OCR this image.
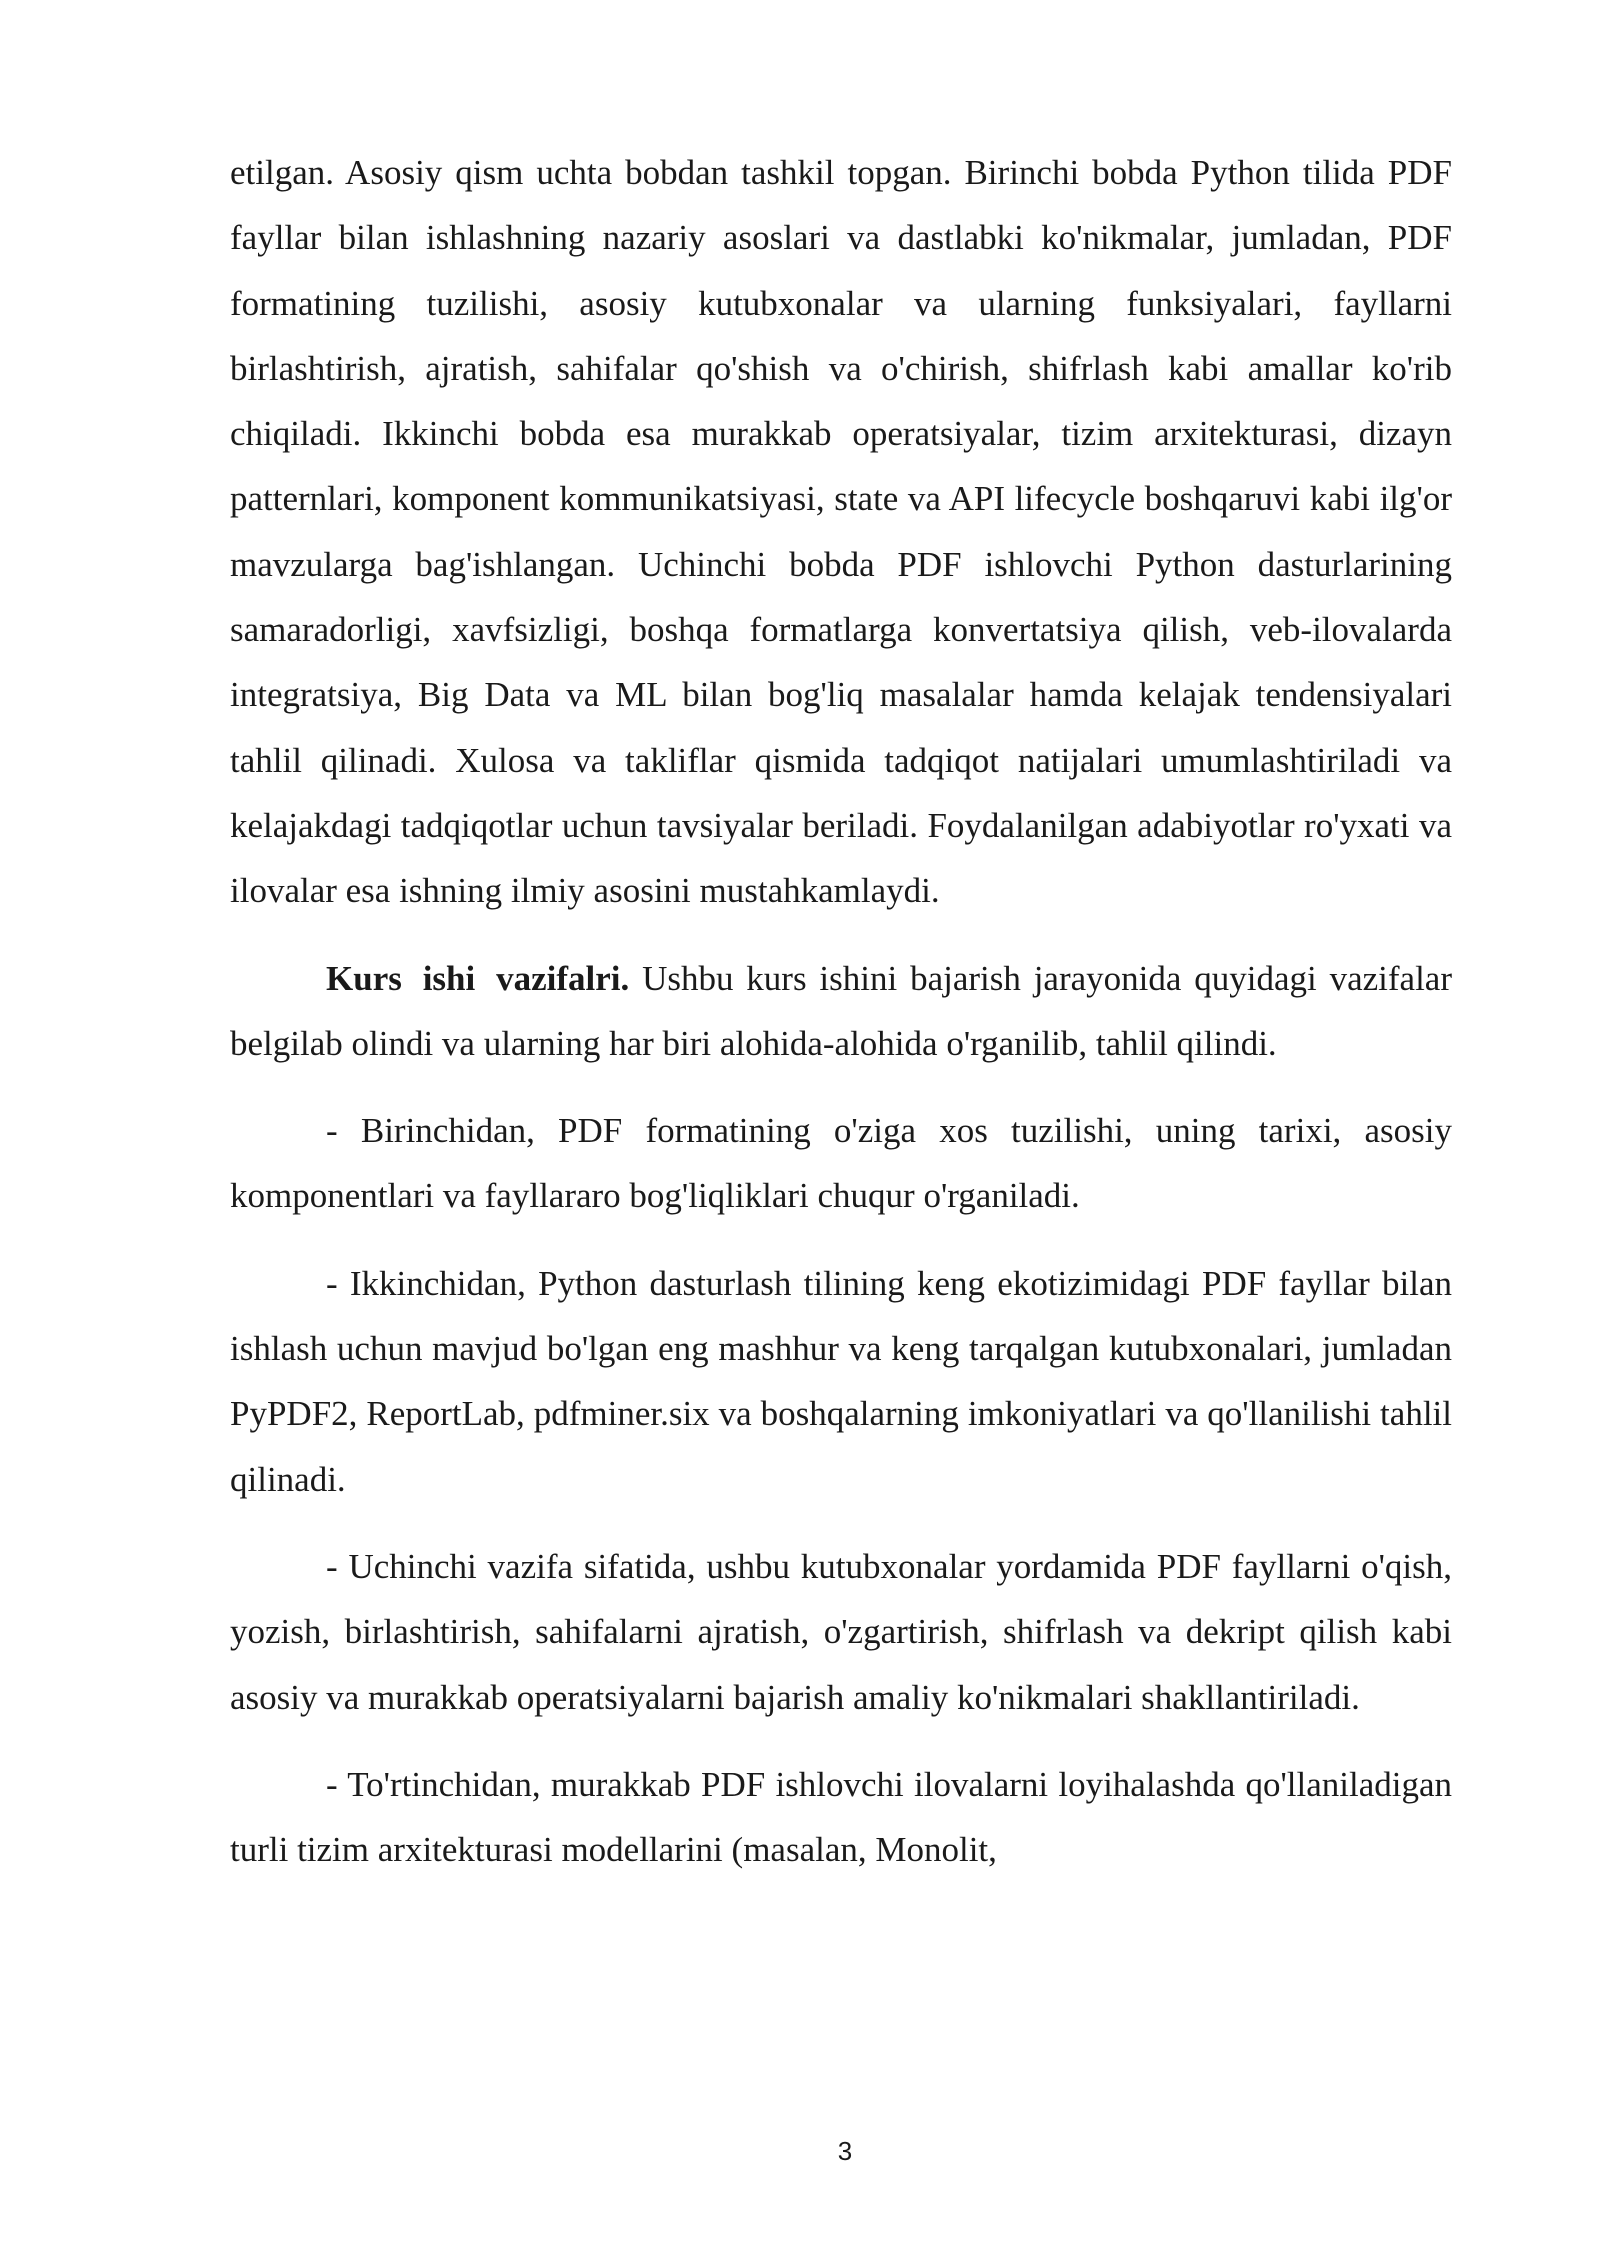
etilgan. Asosiy qism uchta bobdan tashkil topgan. Birinchi bobda Python tilida PDF fayllar bilan ishlashning nazariy asoslari va dastlabki ko'nikmalar, jumladan, PDF formatining tuzilishi, asosiy kutubxonalar va ularning funksiyalari, fayllarni birlashtirish, ajratish, sahifalar qo'shish va o'chirish, shifrlash kabi amallar ko'rib chiqiladi. Ikkinchi bobda esa murakkab operatsiyalar, tizim arxitekturasi, dizayn patternlari, komponent kommunikatsiyasi, state va API lifecycle boshqaruvi kabi ilg'or mavzularga bag'ishlangan. Uchinchi bobda PDF ishlovchi Python dasturlarining samaradorligi, xavfsizligi, boshqa formatlarga konvertatsiya qilish, veb-ilovalarda integratsiya, Big Data va ML bilan bog'liq masalalar hamda kelajak tendensiyalari tahlil qilinadi. Xulosa va takliflar qismida tadqiqot natijalari umumlashtiriladi va kelajakdagi tadqiqotlar uchun tavsiyalar beriladi. Foydalanilgan adabiyotlar ro'yxati va ilovalar esa ishning ilmiy asosini mustahkamlaydi.

Kurs ishi vazifalri. Ushbu kurs ishini bajarish jarayonida quyidagi vazifalar belgilab olindi va ularning har biri alohida-alohida o'rganilib, tahlil qilindi.

- Birinchidan, PDF formatining o'ziga xos tuzilishi, uning tarixi, asosiy komponentlari va fayllararo bog'liqliklari chuqur o'rganiladi.

- Ikkinchidan, Python dasturlash tilining keng ekotizimidagi PDF fayllar bilan ishlash uchun mavjud bo'lgan eng mashhur va keng tarqalgan kutubxonalari, jumladan PyPDF2, ReportLab, pdfminer.six va boshqalarning imkoniyatlari va qo'llanilishi tahlil qilinadi.

- Uchinchi vazifa sifatida, ushbu kutubxonalar yordamida PDF fayllarni o'qish, yozish, birlashtirish, sahifalarni ajratish, o'zgartirish, shifrlash va dekript qilish kabi asosiy va murakkab operatsiyalarni bajarish amaliy ko'nikmalari shakllantiriladi.

- To'rtinchidan, murakkab PDF ishlovchi ilovalarni loyihalashda qo'llaniladigan turli tizim arxitekturasi modellarini (masalan, Monolit,

3
